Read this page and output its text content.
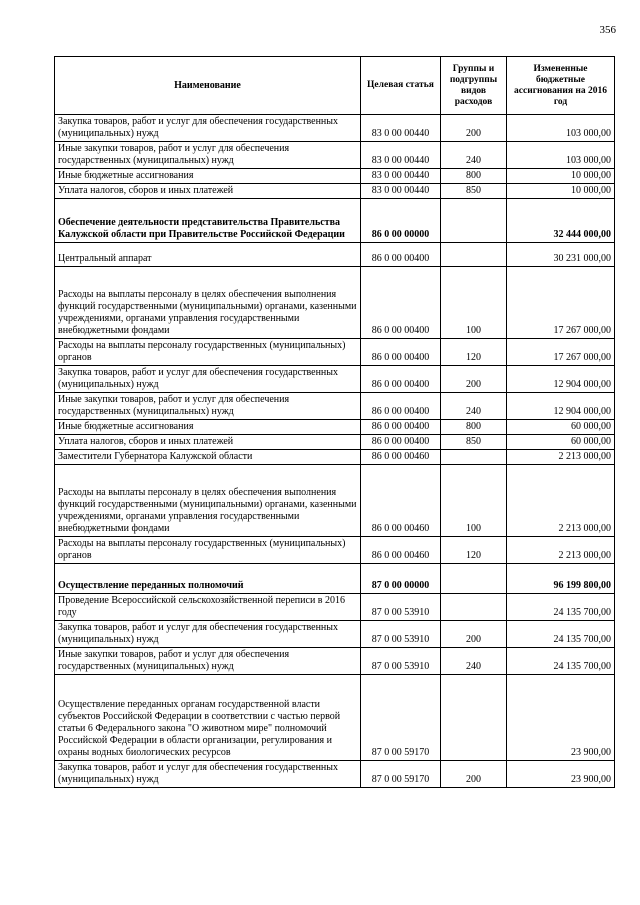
356
Наименование	Целевая статья	Группы и подгруппы видов расходов	Измененные бюджетные ассигнования на 2016 год
Закупка товаров, работ и услуг для обеспечения государственных (муниципальных) нужд	83 0 00 00440	200	103 000,00
Иные закупки товаров, работ и услуг для обеспечения государственных (муниципальных) нужд	83 0 00 00440	240	103 000,00
Иные бюджетные ассигнования	83 0 00 00440	800	10 000,00
Уплата налогов, сборов и иных платежей	83 0 00 00440	850	10 000,00
Обеспечение деятельности представительства Правительства Калужской области при Правительстве Российской Федерации	86 0 00 00000		32 444 000,00
Центральный аппарат	86 0 00 00400		30 231 000,00
Расходы на выплаты персоналу в целях обеспечения выполнения функций государственными (муниципальными) органами, казенными учреждениями, органами управления государственными внебюджетными фондами	86 0 00 00400	100	17 267 000,00
Расходы на выплаты персоналу государственных (муниципальных) органов	86 0 00 00400	120	17 267 000,00
Закупка товаров, работ и услуг для обеспечения государственных (муниципальных) нужд	86 0 00 00400	200	12 904 000,00
Иные закупки товаров, работ и услуг для обеспечения государственных (муниципальных) нужд	86 0 00 00400	240	12 904 000,00
Иные бюджетные ассигнования	86 0 00 00400	800	60 000,00
Уплата налогов, сборов и иных платежей	86 0 00 00400	850	60 000,00
Заместители Губернатора Калужской области	86 0 00 00460		2 213 000,00
Расходы на выплаты персоналу в целях обеспечения выполнения функций государственными (муниципальными) органами, казенными учреждениями, органами управления государственными внебюджетными фондами	86 0 00 00460	100	2 213 000,00
Расходы на выплаты персоналу государственных (муниципальных) органов	86 0 00 00460	120	2 213 000,00
Осуществление переданных полномочий	87 0 00 00000		96 199 800,00
Проведение Всероссийской сельскохозяйственной переписи в 2016 году	87 0 00 53910		24 135 700,00
Закупка товаров, работ и услуг для обеспечения государственных (муниципальных) нужд	87 0 00 53910	200	24 135 700,00
Иные закупки товаров, работ и услуг для обеспечения государственных (муниципальных) нужд	87 0 00 53910	240	24 135 700,00
Осуществление переданных органам государственной власти субъектов Российской Федерации в соответствии с частью первой статьи 6 Федерального закона "О животном мире" полномочий Российской Федерации в области организации, регулирования и охраны водных биологических ресурсов	87 0 00 59170		23 900,00
Закупка товаров, работ и услуг для обеспечения государственных (муниципальных) нужд	87 0 00 59170	200	23 900,00
